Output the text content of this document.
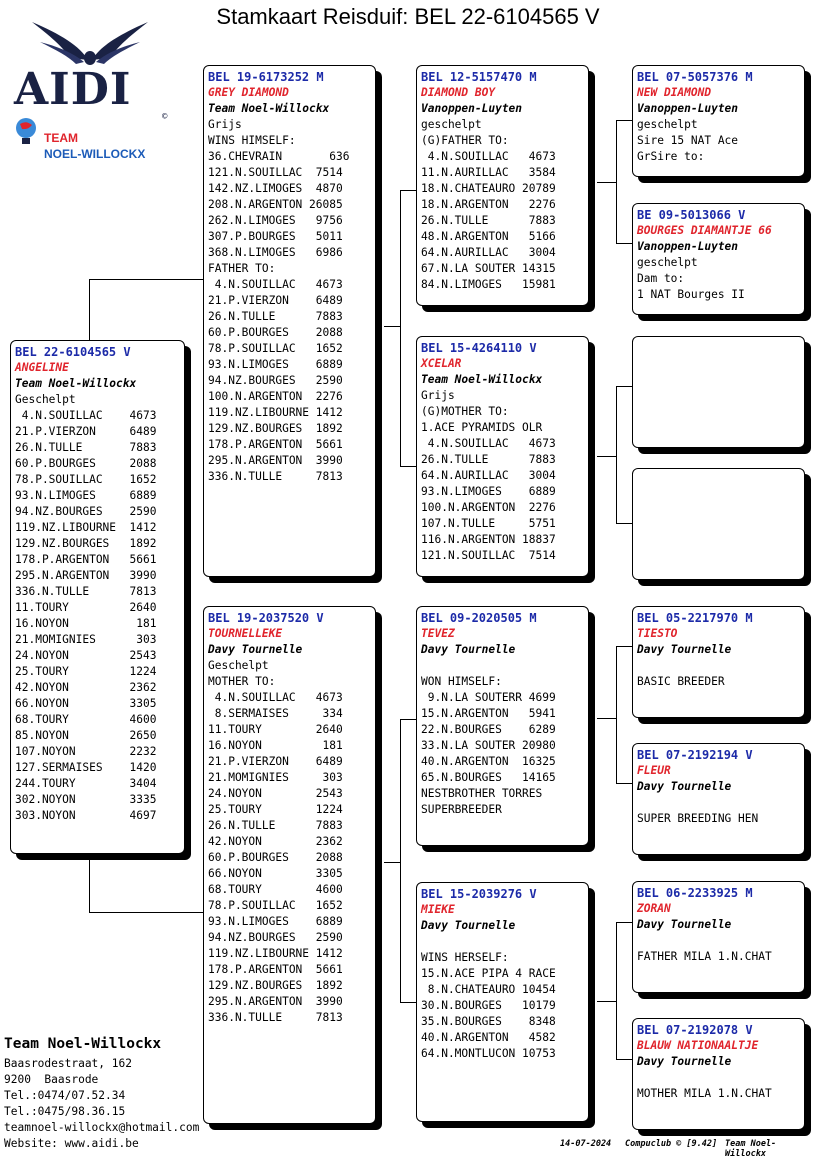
Stamkaart Reisduif: BEL 22-6104565 V
AIDI
©
TEAM
NOEL-WILLOCKX
BEL 22-6104565 V
ANGELINE
Team Noel-Willockx
Geschelpt
4.N.SOUILLAC    4673
21.P.VIERZON     6489
26.N.TULLE       7883
60.P.BOURGES     2088
78.P.SOUILLAC    1652
93.N.LIMOGES     6889
94.NZ.BOURGES    2590
119.NZ.LIBOURNE  1412
129.NZ.BOURGES   1892
178.P.ARGENTON   5661
295.N.ARGENTON   3990
336.N.TULLE      7813
11.TOURY         2640
16.NOYON          181
21.MOMIGNIES      303
24.NOYON         2543
25.TOURY         1224
42.NOYON         2362
66.NOYON         3305
68.TOURY         4600
85.NOYON         2650
107.NOYON        2232
127.SERMAISES    1420
244.TOURY        3404
302.NOYON        3335
303.NOYON        4697
BEL 19-6173252 M
GREY DIAMOND
Team Noel-Willockx
Grijs
WINS HIMSELF:
36.CHEVRAIN       636
121.N.SOUILLAC  7514
142.NZ.LIMOGES  4870
208.N.ARGENTON 26085
262.N.LIMOGES   9756
307.P.BOURGES   5011
368.N.LIMOGES   6986
FATHER TO:
4.N.SOUILLAC   4673
21.P.VIERZON    6489
26.N.TULLE      7883
60.P.BOURGES    2088
78.P.SOUILLAC   1652
93.N.LIMOGES    6889
94.NZ.BOURGES   2590
100.N.ARGENTON  2276
119.NZ.LIBOURNE 1412
129.NZ.BOURGES  1892
178.P.ARGENTON  5661
295.N.ARGENTON  3990
336.N.TULLE     7813
BEL 19-2037520 V
TOURNELLEKE
Davy Tournelle
Geschelpt
MOTHER TO:
4.N.SOUILLAC   4673
8.SERMAISES     334
11.TOURY        2640
16.NOYON         181
21.P.VIERZON    6489
21.MOMIGNIES     303
24.NOYON        2543
25.TOURY        1224
26.N.TULLE      7883
42.NOYON        2362
60.P.BOURGES    2088
66.NOYON        3305
68.TOURY        4600
78.P.SOUILLAC   1652
93.N.LIMOGES    6889
94.NZ.BOURGES   2590
119.NZ.LIBOURNE 1412
178.P.ARGENTON  5661
129.NZ.BOURGES  1892
295.N.ARGENTON  3990
336.N.TULLE     7813
BEL 12-5157470 M
DIAMOND BOY
Vanoppen-Luyten
geschelpt
(G)FATHER TO:
4.N.SOUILLAC   4673
11.N.AURILLAC   3584
18.N.CHATEAURO 20789
18.N.ARGENTON   2276
26.N.TULLE      7883
48.N.ARGENTON   5166
64.N.AURILLAC   3004
67.N.LA SOUTER 14315
84.N.LIMOGES   15981
BEL 15-4264110 V
XCELAR
Team Noel-Willockx
Grijs
(G)MOTHER TO:
1.ACE PYRAMIDS OLR
4.N.SOUILLAC   4673
26.N.TULLE      7883
64.N.AURILLAC   3004
93.N.LIMOGES    6889
100.N.ARGENTON  2276
107.N.TULLE     5751
116.N.ARGENTON 18837
121.N.SOUILLAC  7514
BEL 09-2020505 M
TEVEZ
Davy Tournelle

WON HIMSELF:
9.N.LA SOUTERR 4699
15.N.ARGENTON   5941
22.N.BOURGES    6289
33.N.LA SOUTER 20980
40.N.ARGENTON  16325
65.N.BOURGES   14165
NESTBROTHER TORRES
SUPERBREEDER
BEL 15-2039276 V
MIEKE
Davy Tournelle

WINS HERSELF:
15.N.ACE PIPA 4 RACE
8.N.CHATEAURO 10454
30.N.BOURGES   10179
35.N.BOURGES    8348
40.N.ARGENTON   4582
64.N.MONTLUCON 10753
BEL 07-5057376 M
NEW DIAMOND
Vanoppen-Luyten
geschelpt
Sire 15 NAT Ace
GrSire to:
BE 09-5013066 V
BOURGES DIAMANTJE 66
Vanoppen-Luyten
geschelpt
Dam to:
1 NAT Bourges II
BEL 05-2217970 M
TIESTO
Davy Tournelle

BASIC BREEDER
BEL 07-2192194 V
FLEUR
Davy Tournelle

SUPER BREEDING HEN
BEL 06-2233925 M
ZORAN
Davy Tournelle

FATHER MILA 1.N.CHAT
BEL 07-2192078 V
BLAUW NATIONAALTJE
Davy Tournelle

MOTHER MILA 1.N.CHAT
Team Noel-Willockx
Baasrodestraat, 162
9200  Baasrode
Tel.:0474/07.52.34
Tel.:0475/98.36.15
teamnoel-willockx@hotmail.com
Website: www.aidi.be	14-07-2024 Compuclub © [9.42] Team Noel-Willockx
